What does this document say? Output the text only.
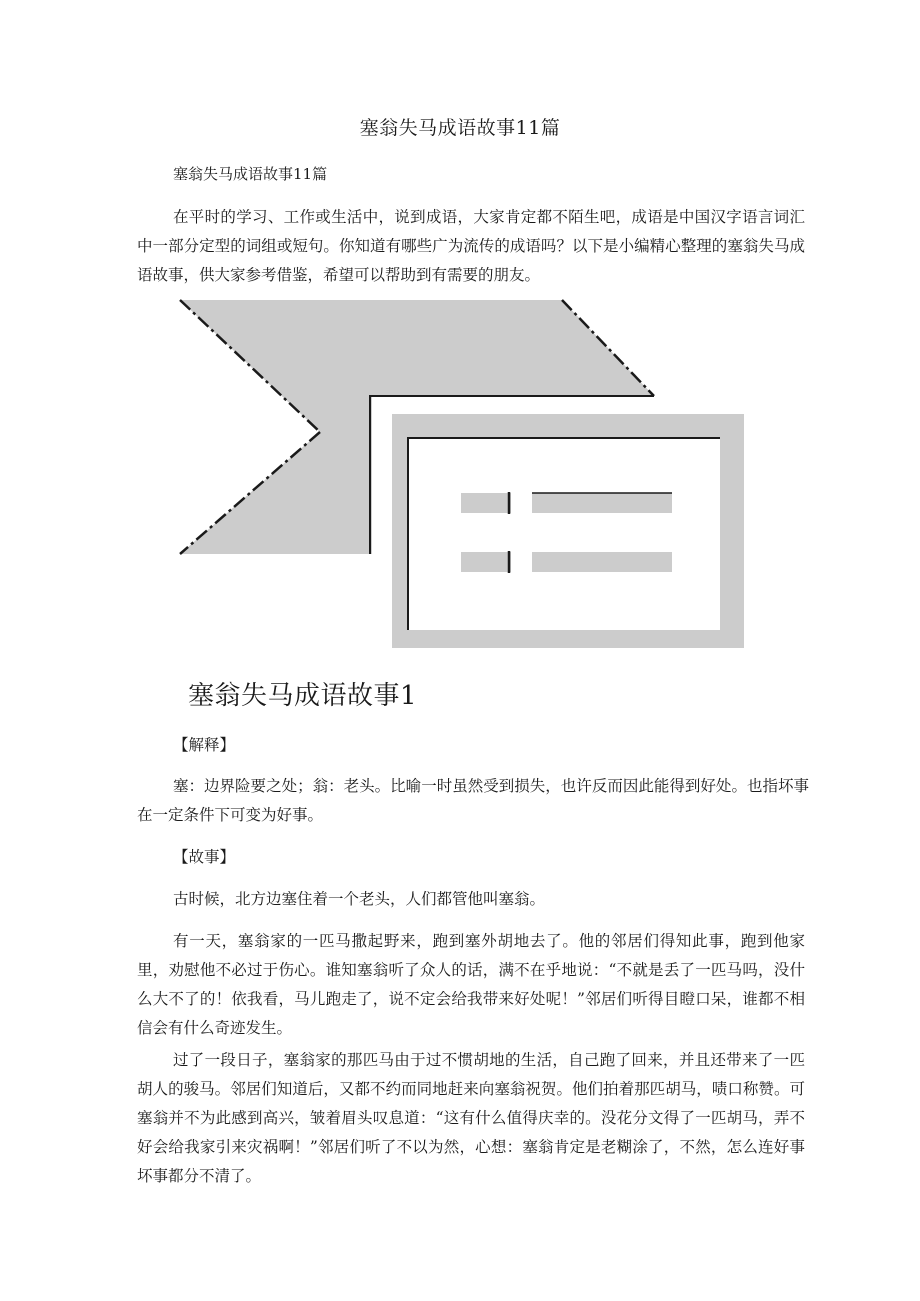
塞翁失马成语故事11篇
塞翁失马成语故事11篇

在平时的学习、工作或生活中，说到成语，大家肯定都不陌生吧，成语是中国汉字语言词汇中一部分定型的词组或短句。你知道有哪些广为流传的成语吗？以下是小编精心整理的塞翁失马成语故事，供大家参考借鉴，希望可以帮助到有需要的朋友。

塞翁失马成语故事1
【解释】

塞：边界险要之处；翁：老头。比喻一时虽然受到损失，也许反而因此能得到好处。也指坏事在一定条件下可变为好事。

【故事】

古时候，北方边塞住着一个老头，人们都管他叫塞翁。

有一天，塞翁家的一匹马撒起野来，跑到塞外胡地去了。他的邻居们得知此事，跑到他家里，劝慰他不必过于伤心。谁知塞翁听了众人的话，满不在乎地说：“不就是丢了一匹马吗，没什么大不了的！依我看，马儿跑走了，说不定会给我带来好处呢！”邻居们听得目瞪口呆，谁都不相信会有什么奇迹发生。

过了一段日子，塞翁家的那匹马由于过不惯胡地的生活，自己跑了回来，并且还带来了一匹胡人的骏马。邻居们知道后，又都不约而同地赶来向塞翁祝贺。他们拍着那匹胡马，啧口称赞。可塞翁并不为此感到高兴，皱着眉头叹息道：“这有什么值得庆幸的。没花分文得了一匹胡马，弄不好会给我家引来灾祸啊！”邻居们听了不以为然，心想：塞翁肯定是老糊涂了，不然，怎么连好事坏事都分不清了。
